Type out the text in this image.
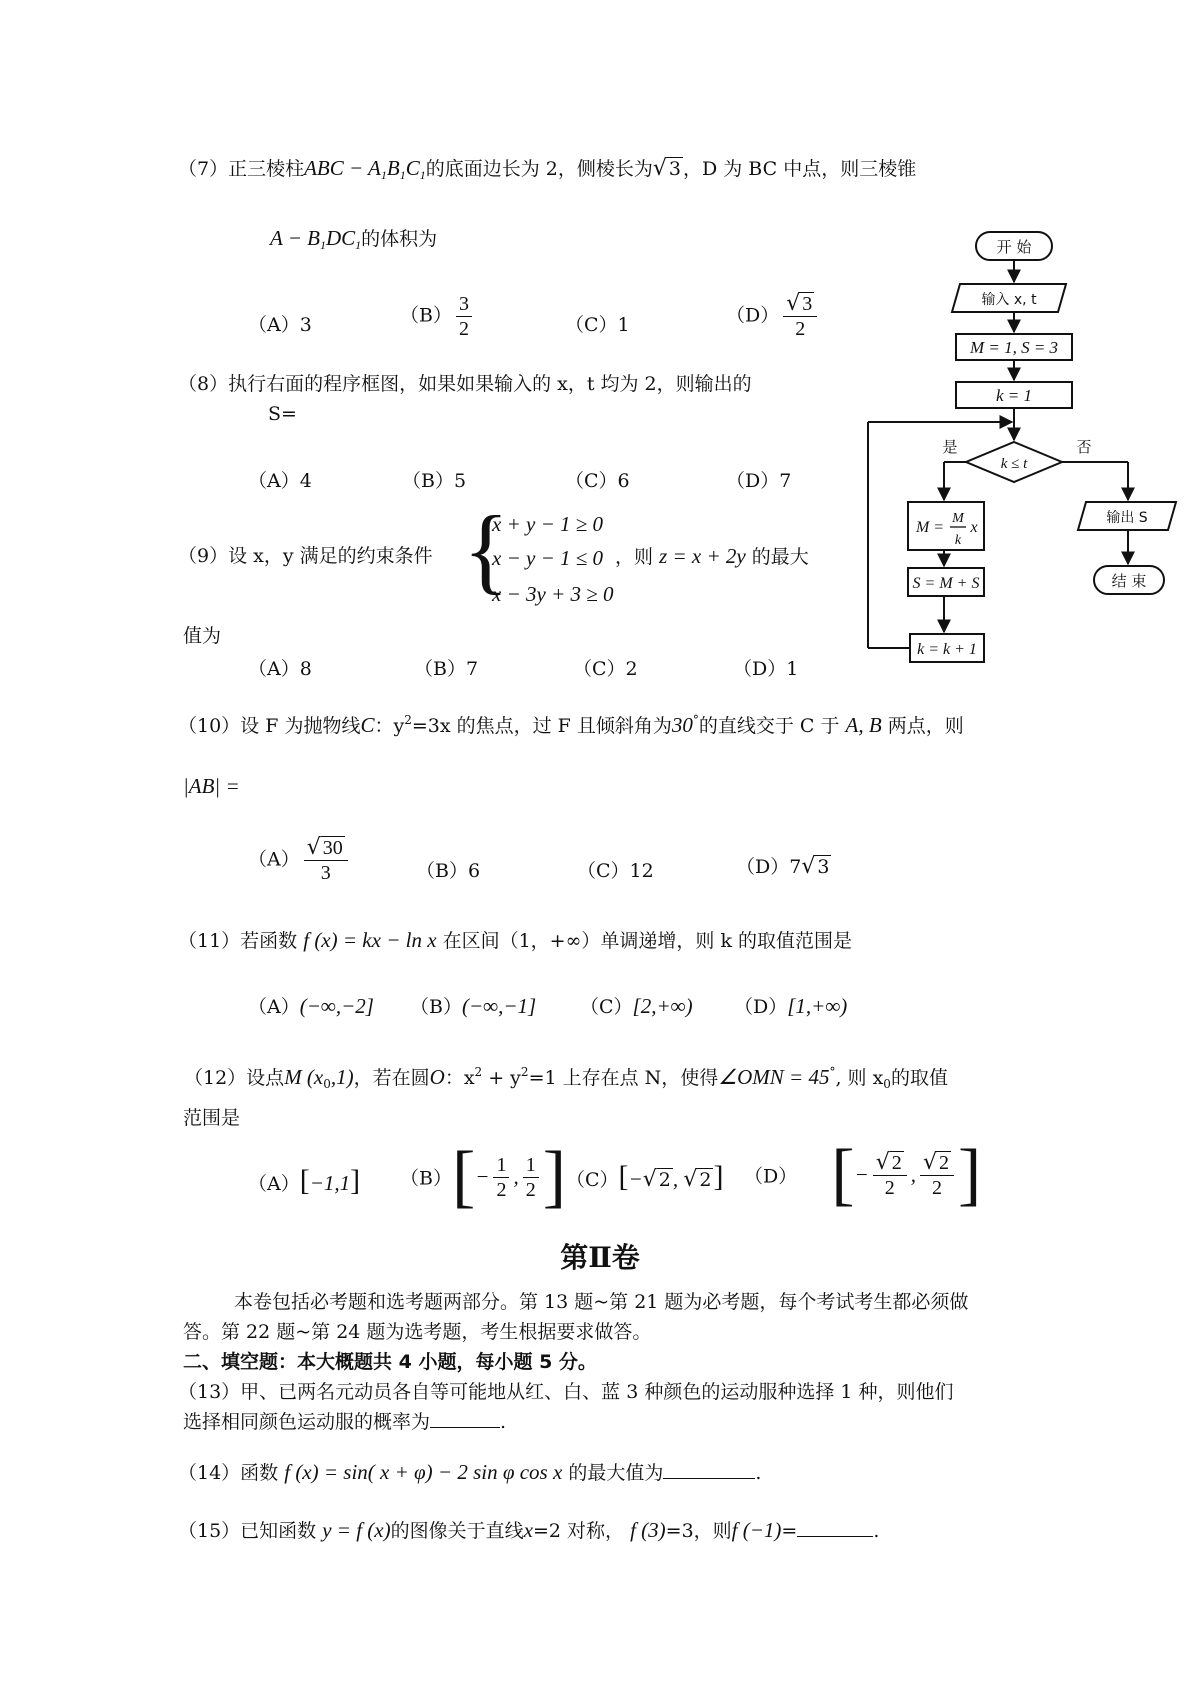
（7）正三棱柱ABC − $A_1B_1C_1$的底面边长为 2，侧棱长为√ 3 ，D 为 BC 中点，则三棱锥
$A - B_1DC_1$的体积为
（A）3	$(B) \frac{3}{2}$	（C）1	$(D) \frac{√ 3}{2}$
（8）执行右面的程序框图，如果如果输入的 x，t 均为 2，则输出的
S=
（A）4	（B）5	（C）6	（D）7
（9）设 x，y 满足的约束条件 {
x + y − 1 ≥ 0
x − y − 1 ≤ 0
x − 3y + 3 ≥ 0
，则 z = x + 2y 的最大
值为
（A）8	（B）7	（C）2	（D）1
（10）设 F 为抛物线C：$y^2=3x$ 的焦点，过 F 且倾斜角为30°的直线交于 C 于 A, B 两点，则
|AB| =
$(A) \frac{√ 30}{3}$	（B）6	（C）12	（D）7√ 3
（11）若函数 f (x) = kx − ln x 在区间（1，+∞）单调递增，则 k 的取值范围是
（A）(−∞,−2] （B）(−∞,−1] （C）[2,+∞) （D）[1,+∞)
（12）设点M $(x_0,1)$，若在圆O：$x^2 + y^2=1$ 上存在点 N，使得∠OMN = 45°, 则 $x_0$的取值
范围是
（A）[−1,1] $(B)[- \frac{1}{2}$ , $\frac{1}{2}$ ] （C）[−√ 2, √ 2] （D） [− $\frac{√ 2}{2}$ , $\frac{√ 2}{2}$ ]
第Ⅱ卷
本卷包括必考题和选考题两部分。第 13 题~第 21 题为必考题，每个考试考生都必须做
答。第 22 题~第 24 题为选考题，考生根据要求做答。
二、填空题：本大概题共 4 小题，每小题 5 分。
（13）甲、已两名元动员各自等可能地从红、白、蓝 3 种颜色的运动服种选择 1 种，则他们
选择相同颜色运动服的概率为	.
（14）函数 f (x) = sin( x + φ) − 2 sin φ cos x 的最大值为	.
（15）已知函数 y = f (x)的图像关于直线x=2 对称， f (3)=3，则f (−1)=	.
开 始
输入 x, t
M = 1, S = 3
k = 1
k ≤ t
是	否
M =
M
k
x
S = M + S
k = k + 1
输出 S
结 束
